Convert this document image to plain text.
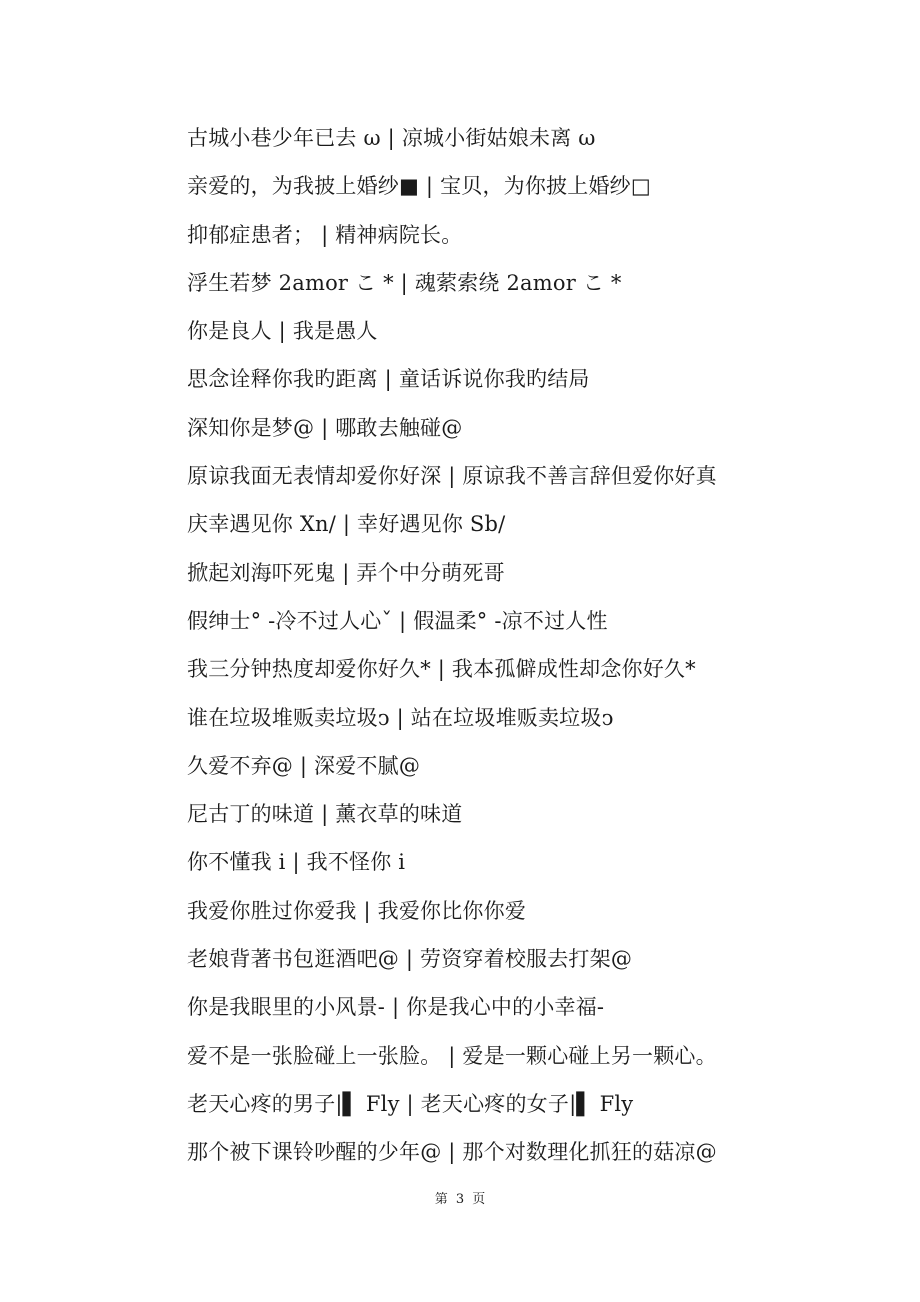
古城小巷少年已去 ω | 凉城小街姑娘未离 ω
亲爱的，为我披上婚纱■ | 宝贝，为你披上婚纱□
抑郁症患者； | 精神病院长。
浮生若梦 2amor こ * | 魂萦索绕 2amor こ *
你是良人 | 我是愚人
思念诠释你我旳距离 | 童话诉说你我旳结局
深知你是梦@ | 哪敢去触碰@
原谅我面无表情却爱你好深 | 原谅我不善言辞但爱你好真
庆幸遇见你 Xn/ | 幸好遇见你 Sb/
掀起刘海吓死鬼 | 弄个中分萌死哥
假绅士° -冷不过人心ˇ | 假温柔° -凉不过人性
我三分钟热度却爱你好久* | 我本孤僻成性却念你好久*
谁在垃圾堆贩卖垃圾ↄ | 站在垃圾堆贩卖垃圾ↄ
久爱不弃@ | 深爱不腻@
尼古丁的味道 | 薰衣草的味道
你不懂我 i | 我不怪你 i
我爱你胜过你爱我 | 我爱你比你你爱
老娘背著书包逛酒吧@ | 劳资穿着校服去打架@
你是我眼里的小风景- | 你是我心中的小幸福-
爱不是一张脸碰上一张脸。 | 爱是一颗心碰上另一颗心。
老天心疼的男子|▌ Fly | 老天心疼的女子|▌ Fly
那个被下课铃吵醒的少年@ | 那个对数理化抓狂的菇凉@
第 3 页
